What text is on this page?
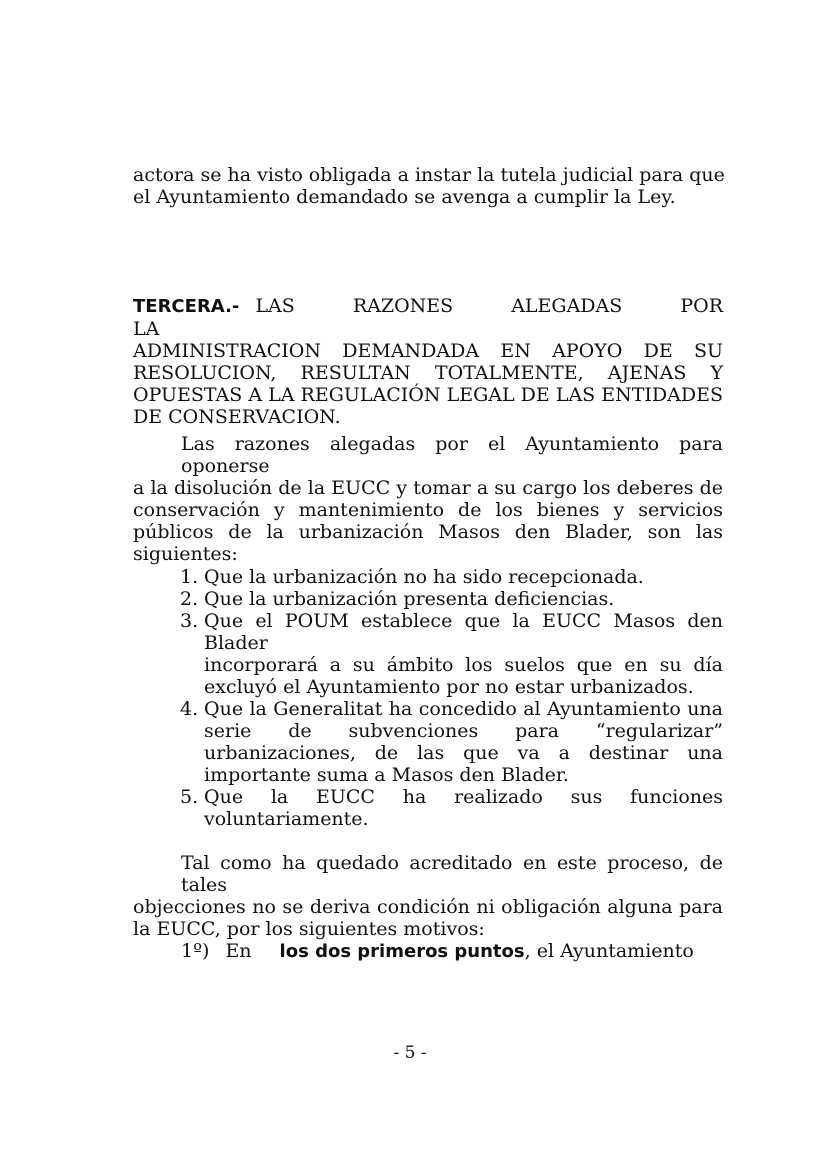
actora se ha visto obligada a instar la tutela judicial para que
el Ayuntamiento demandado se avenga a cumplir la Ley.
TERCERA.- LAS RAZONES ALEGADAS POR LA
ADMINISTRACION DEMANDADA EN APOYO DE SU
RESOLUCION, RESULTAN TOTALMENTE, AJENAS Y
OPUESTAS A LA REGULACIÓN LEGAL DE LAS ENTIDADES
DE CONSERVACION.
Las razones alegadas por el Ayuntamiento para oponerse
a la disolución de la EUCC y tomar a su cargo los deberes de
conservación y mantenimiento de los bienes y servicios
públicos de la urbanización Masos den Blader, son las
siguientes:
1. Que la urbanización no ha sido recepcionada.
2. Que la urbanización presenta deficiencias.
3. Que el POUM establece que la EUCC Masos den Blader
incorporará a su ámbito los suelos que en su día
excluyó el Ayuntamiento por no estar urbanizados.
4. Que la Generalitat ha concedido al Ayuntamiento una
serie de subvenciones para “regularizar”
urbanizaciones, de las que va a destinar una
importante suma a Masos den Blader.
5. Que la EUCC ha realizado sus funciones
voluntariamente.
Tal como ha quedado acreditado en este proceso, de tales
objecciones no se deriva condición ni obligación alguna para
la EUCC, por los siguientes motivos:
1º) En los dos primeros puntos, el Ayuntamiento
- 5 -
